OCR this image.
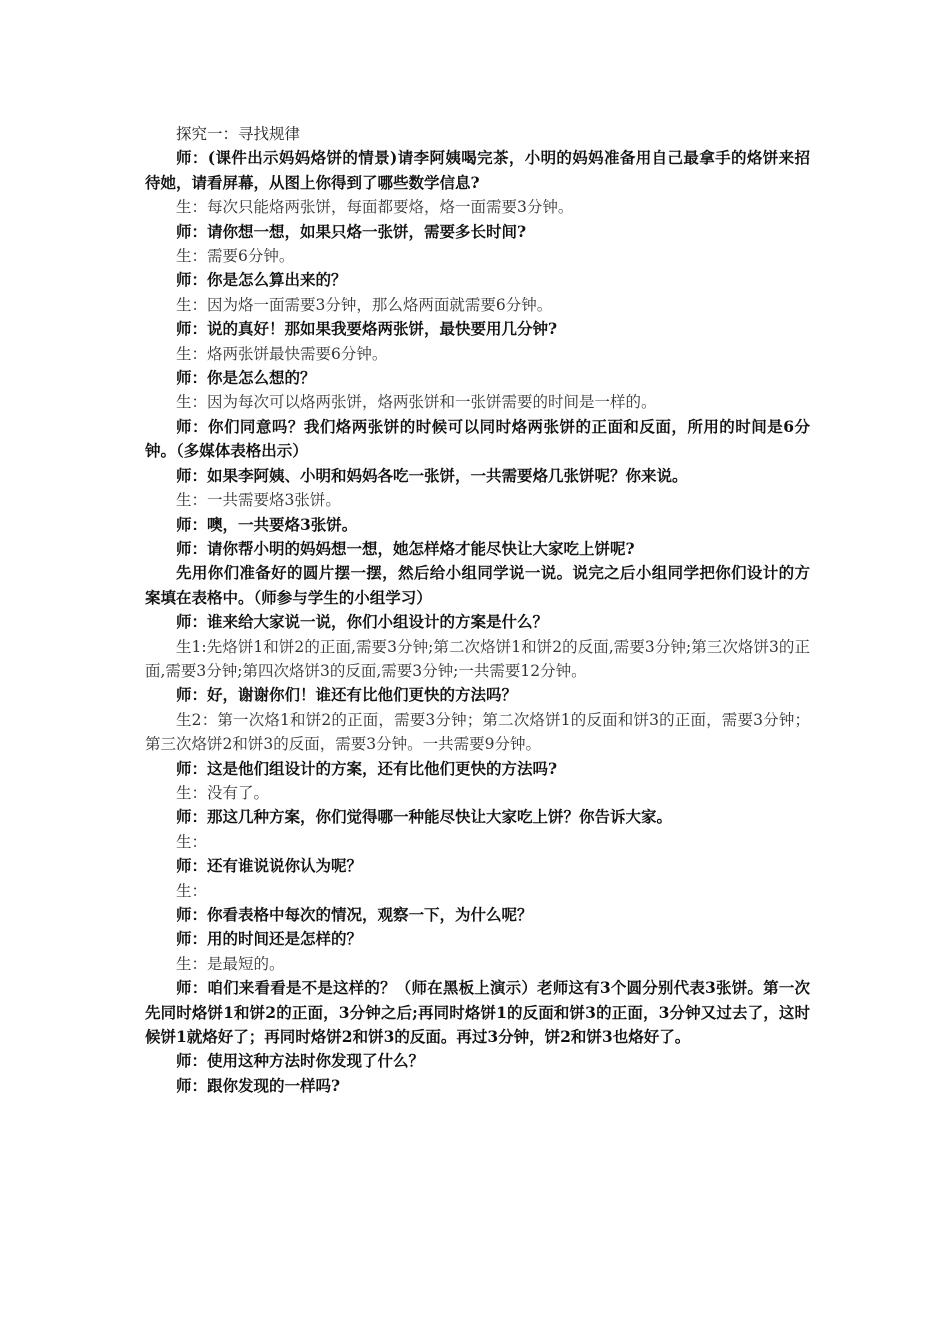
探究一：寻找规律

师：(课件出示妈妈烙饼的情景)请李阿姨喝完茶，小明的妈妈准备用自己最拿手的烙饼来招待她，请看屏幕，从图上你得到了哪些数学信息?

生：每次只能烙两张饼，每面都要烙，烙一面需要3分钟。

师：请你想一想，如果只烙一张饼，需要多长时间?

生：需要6分钟。

师：你是怎么算出来的？

生：因为烙一面需要3分钟，那么烙两面就需要6分钟。

师：说的真好！那如果我要烙两张饼，最快要用几分钟?

生：烙两张饼最快需要6分钟。

师：你是怎么想的？

生：因为每次可以烙两张饼，烙两张饼和一张饼需要的时间是一样的。

师：你们同意吗？我们烙两张饼的时候可以同时烙两张饼的正面和反面，所用的时间是6分钟。（多媒体表格出示）

师：如果李阿姨、小明和妈妈各吃一张饼，一共需要烙几张饼呢？你来说。

生：一共需要烙3张饼。

师：噢，一共要烙3张饼。

师：请你帮小明的妈妈想一想，她怎样烙才能尽快让大家吃上饼呢?

先用你们准备好的圆片摆一摆，然后给小组同学说一说。说完之后小组同学把你们设计的方案填在表格中。（师参与学生的小组学习）

师：谁来给大家说一说，你们小组设计的方案是什么？

生1:先烙饼1和饼2的正面,需要3分钟;第二次烙饼1和饼2的反面,需要3分钟;第三次烙饼3的正面,需要3分钟;第四次烙饼3的反面,需要3分钟;一共需要12分钟。

师：好，谢谢你们！谁还有比他们更快的方法吗？

生2：第一次烙1和饼2的正面，需要3分钟；第二次烙饼1的反面和饼3的正面，需要3分钟；第三次烙饼2和饼3的反面，需要3分钟。一共需要9分钟。

师：这是他们组设计的方案，还有比他们更快的方法吗?

生：没有了。

师：那这几种方案，你们觉得哪一种能尽快让大家吃上饼？你告诉大家。

生：

师：还有谁说说你认为呢？

生：

师：你看表格中每次的情况，观察一下，为什么呢？

师：用的时间还是怎样的？

生：是最短的。

师：咱们来看看是不是这样的？（师在黑板上演示）老师这有3个圆分别代表3张饼。第一次先同时烙饼1和饼2的正面，3分钟之后;再同时烙饼1的反面和饼3的正面，3分钟又过去了，这时候饼1就烙好了；再同时烙饼2和饼3的反面。再过3分钟，饼2和饼3也烙好了。

师：使用这种方法时你发现了什么？

师：跟你发现的一样吗?
